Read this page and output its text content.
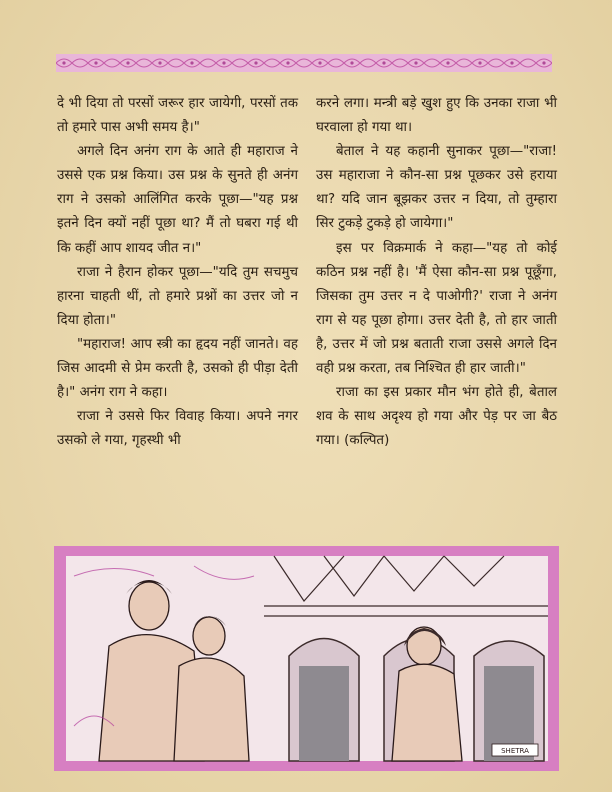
दे भी दिया तो परसों जरूर हार जायेगी, परसों तक तो हमारे पास अभी समय है।"

अगले दिन अनंग राग के आते ही महाराज ने उससे एक प्रश्न किया। उस प्रश्न के सुनते ही अनंग राग ने उसको आलिंगित करके पूछा—"यह प्रश्न इतने दिन क्यों नहीं पूछा था? मैं तो घबरा गई थी कि कहीं आप शायद जीत न।"

राजा ने हैरान होकर पूछा—"यदि तुम सचमुच हारना चाहती थीं, तो हमारे प्रश्नों का उत्तर जो न दिया होता।"

"महाराज! आप स्त्री का हृदय नहीं जानते। वह जिस आदमी से प्रेम करती है, उसको ही पीड़ा देती है।" अनंग राग ने कहा।

राजा ने उससे फिर विवाह किया। अपने नगर उसको ले गया, गृहस्थी भी

करने लगा। मन्त्री बड़े खुश हुए कि उनका राजा भी घरवाला हो गया था।

बेताल ने यह कहानी सुनाकर पूछा—"राजा! उस महाराजा ने कौन-सा प्रश्न पूछकर उसे हराया था? यदि जान बूझकर उत्तर न दिया, तो तुम्हारा सिर टुकड़े टुकड़े हो जायेगा।"

इस पर विक्रमार्क ने कहा—"यह तो कोई कठिन प्रश्न नहीं है। 'मैं ऐसा कौन-सा प्रश्न पूछूँगा, जिसका तुम उत्तर न दे पाओगी?' राजा ने अनंग राग से यह पूछा होगा। उत्तर देती है, तो हार जाती है, उत्तर में जो प्रश्न बताती राजा उससे अगले दिन वही प्रश्न करता, तब निश्चित ही हार जाती।"

राजा का इस प्रकार मौन भंग होते ही, बेताल शव के साथ अदृश्य हो गया और पेड़ पर जा बैठ गया। (कल्पित)

SHETRA
